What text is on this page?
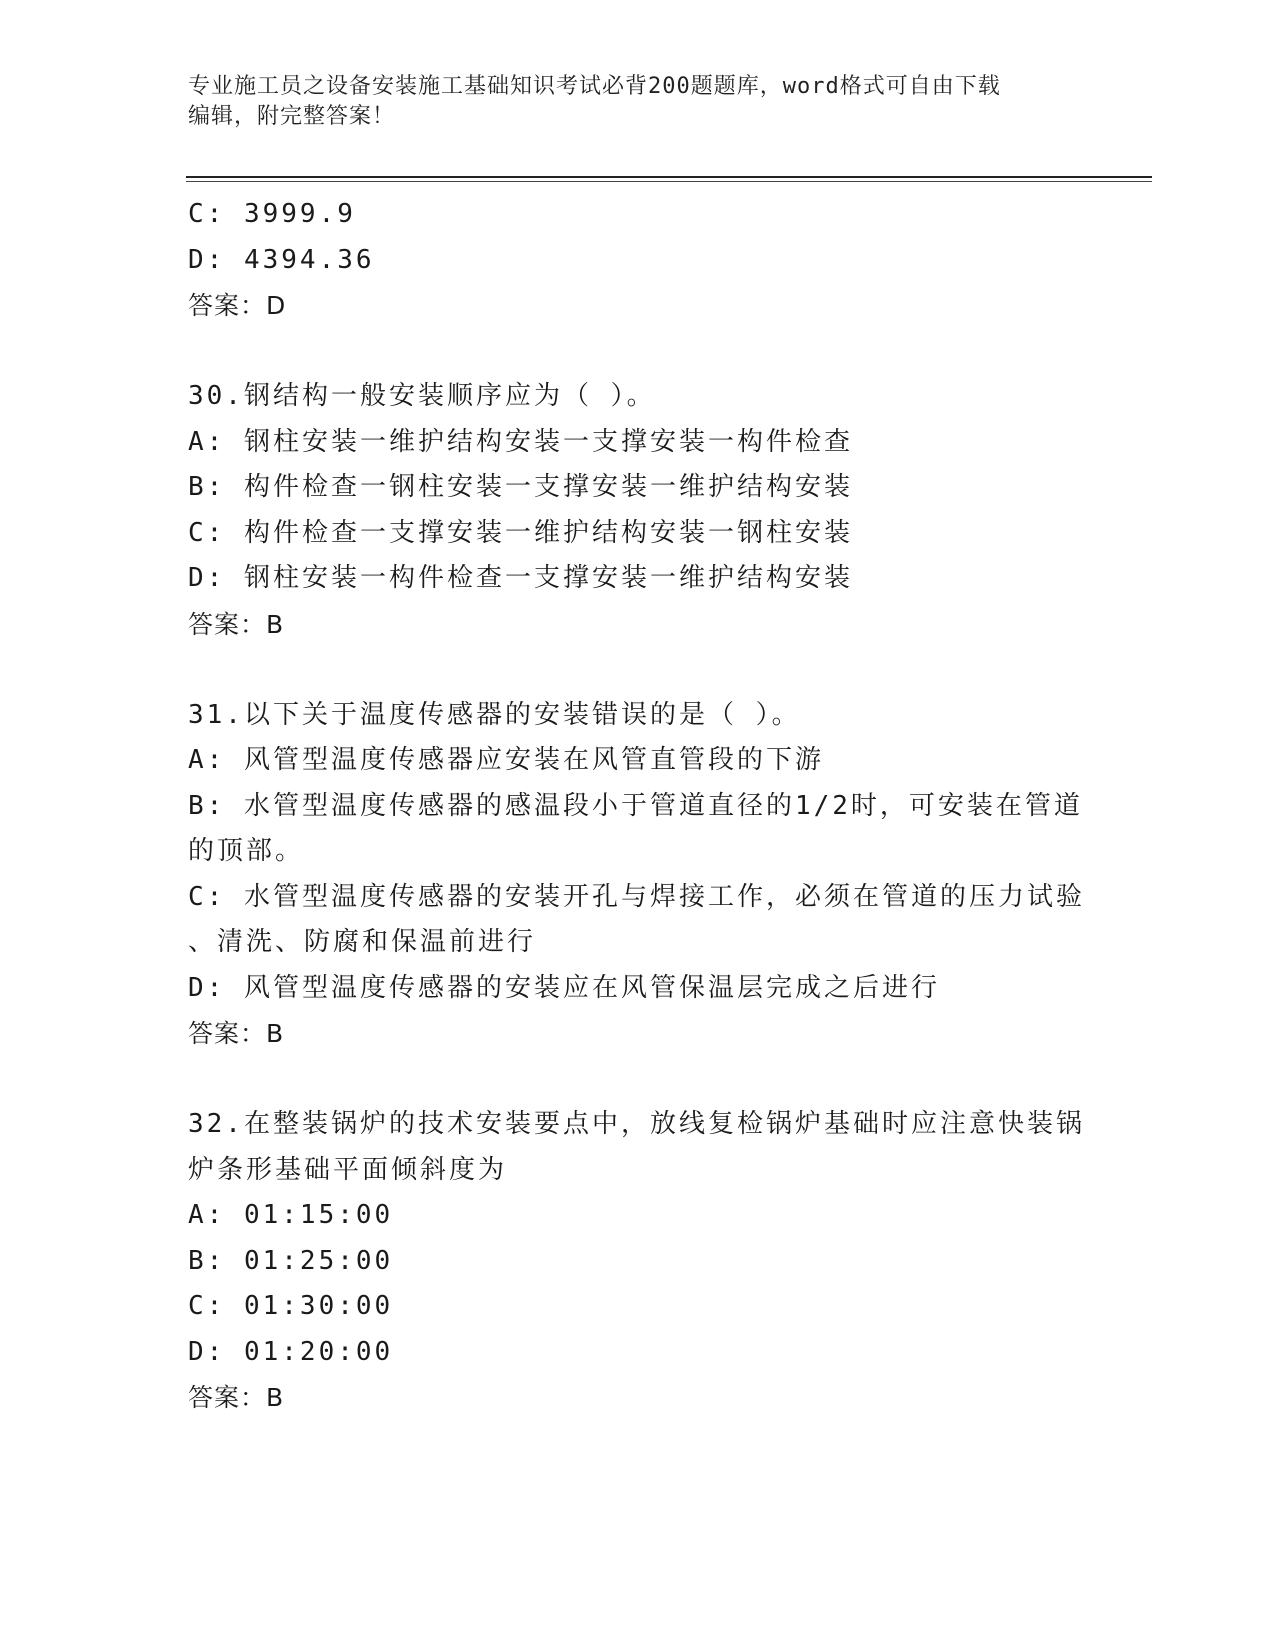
专业施工员之设备安装施工基础知识考试必背200题题库，word格式可自由下载
编辑，附完整答案！
C: 3999.9
D: 4394.36
答案：D
30.钢结构一般安装顺序应为（ ）。
A: 钢柱安装一维护结构安装一支撑安装一构件检查
B: 构件检查一钢柱安装一支撑安装一维护结构安装
C: 构件检查一支撑安装一维护结构安装一钢柱安装
D: 钢柱安装一构件检查一支撑安装一维护结构安装
答案：B
31.以下关于温度传感器的安装错误的是（ ）。
A: 风管型温度传感器应安装在风管直管段的下游
B: 水管型温度传感器的感温段小于管道直径的1/2时，可安装在管道
的顶部。
C: 水管型温度传感器的安装开孔与焊接工作，必须在管道的压力试验
、清洗、防腐和保温前进行
D: 风管型温度传感器的安装应在风管保温层完成之后进行
答案：B
32.在整装锅炉的技术安装要点中，放线复检锅炉基础时应注意快装锅
炉条形基础平面倾斜度为
A: 01:15:00
B: 01:25:00
C: 01:30:00
D: 01:20:00
答案：B
